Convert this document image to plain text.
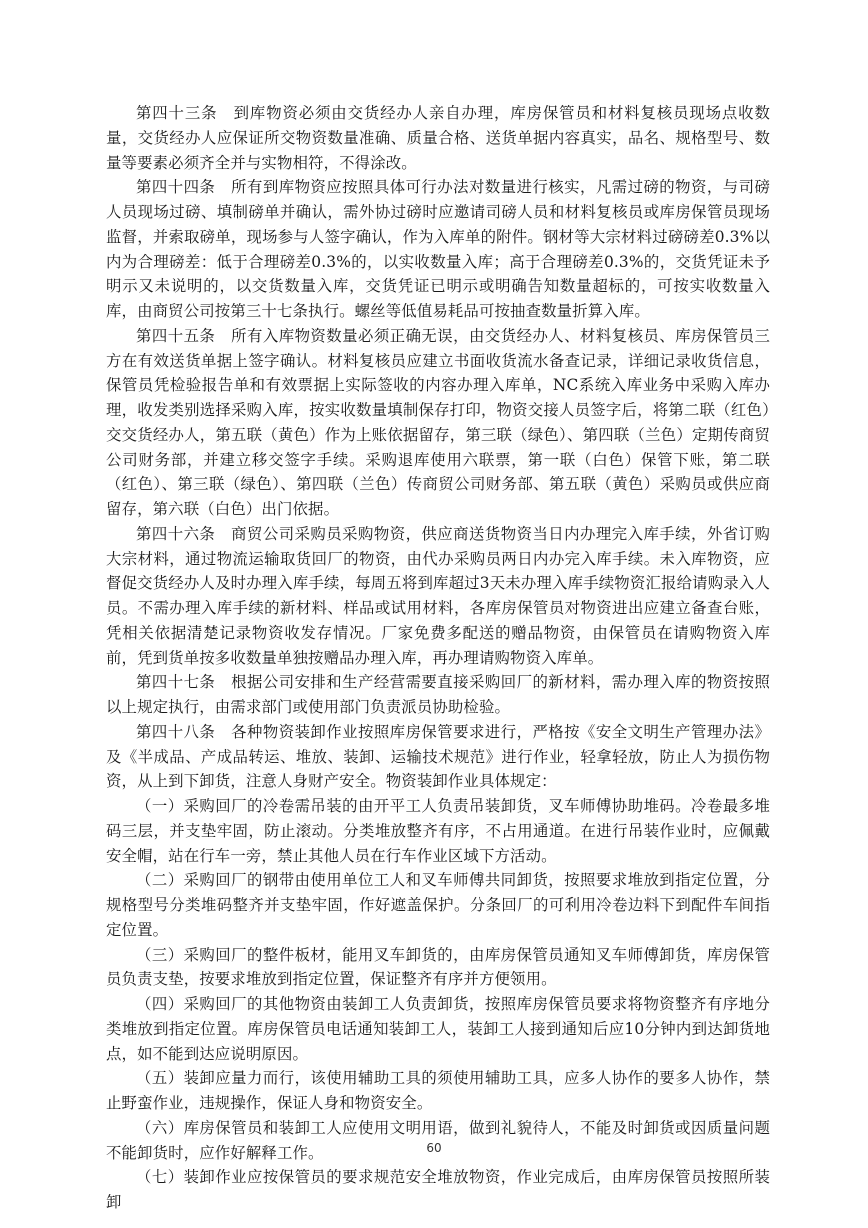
第四十三条　到库物资必须由交货经办人亲自办理，库房保管员和材料复核员现场点收数量，交货经办人应保证所交物资数量准确、质量合格、送货单据内容真实，品名、规格型号、数量等要素必须齐全并与实物相符，不得涂改。

第四十四条　所有到库物资应按照具体可行办法对数量进行核实，凡需过磅的物资，与司磅人员现场过磅、填制磅单并确认，需外协过磅时应邀请司磅人员和材料复核员或库房保管员现场监督，并索取磅单，现场参与人签字确认，作为入库单的附件。钢材等大宗材料过磅磅差0.3%以内为合理磅差：低于合理磅差0.3%的，以实收数量入库；高于合理磅差0.3%的，交货凭证未予明示又未说明的，以交货数量入库，交货凭证已明示或明确告知数量超标的，可按实收数量入库，由商贸公司按第三十七条执行。螺丝等低值易耗品可按抽查数量折算入库。

第四十五条　所有入库物资数量必须正确无误，由交货经办人、材料复核员、库房保管员三方在有效送货单据上签字确认。材料复核员应建立书面收货流水备查记录，详细记录收货信息，保管员凭检验报告单和有效票据上实际签收的内容办理入库单，NC系统入库业务中采购入库办理，收发类别选择采购入库，按实收数量填制保存打印，物资交接人员签字后，将第二联（红色）交交货经办人，第五联（黄色）作为上账依据留存，第三联（绿色）、第四联（兰色）定期传商贸公司财务部，并建立移交签字手续。采购退库使用六联票，第一联（白色）保管下账，第二联（红色）、第三联（绿色）、第四联（兰色）传商贸公司财务部、第五联（黄色）采购员或供应商留存，第六联（白色）出门依据。

第四十六条　商贸公司采购员采购物资，供应商送货物资当日内办理完入库手续，外省订购大宗材料，通过物流运输取货回厂的物资，由代办采购员两日内办完入库手续。未入库物资，应督促交货经办人及时办理入库手续，每周五将到库超过3天未办理入库手续物资汇报给请购录入人员。不需办理入库手续的新材料、样品或试用材料，各库房保管员对物资进出应建立备查台账，凭相关依据清楚记录物资收发存情况。厂家免费多配送的赠品物资，由保管员在请购物资入库前，凭到货单按多收数量单独按赠品办理入库，再办理请购物资入库单。

第四十七条　根据公司安排和生产经营需要直接采购回厂的新材料，需办理入库的物资按照以上规定执行，由需求部门或使用部门负责派员协助检验。

第四十八条　各种物资装卸作业按照库房保管要求进行，严格按《安全文明生产管理办法》及《半成品、产成品转运、堆放、装卸、运输技术规范》进行作业，轻拿轻放，防止人为损伤物资，从上到下卸货，注意人身财产安全。物资装卸作业具体规定：

（一）采购回厂的冷卷需吊装的由开平工人负责吊装卸货，叉车师傅协助堆码。冷卷最多堆码三层，并支垫牢固，防止滚动。分类堆放整齐有序，不占用通道。在进行吊装作业时，应佩戴安全帽，站在行车一旁，禁止其他人员在行车作业区域下方活动。

（二）采购回厂的钢带由使用单位工人和叉车师傅共同卸货，按照要求堆放到指定位置，分规格型号分类堆码整齐并支垫牢固，作好遮盖保护。分条回厂的可利用冷卷边料下到配件车间指定位置。

（三）采购回厂的整件板材，能用叉车卸货的，由库房保管员通知叉车师傅卸货，库房保管员负责支垫，按要求堆放到指定位置，保证整齐有序并方便领用。

（四）采购回厂的其他物资由装卸工人负责卸货，按照库房保管员要求将物资整齐有序地分类堆放到指定位置。库房保管员电话通知装卸工人，装卸工人接到通知后应10分钟内到达卸货地点，如不能到达应说明原因。

（五）装卸应量力而行，该使用辅助工具的须使用辅助工具，应多人协作的要多人协作，禁止野蛮作业，违规操作，保证人身和物资安全。

（六）库房保管员和装卸工人应使用文明用语，做到礼貌待人，不能及时卸货或因质量问题不能卸货时，应作好解释工作。

（七）装卸作业应按保管员的要求规范安全堆放物资，作业完成后，由库房保管员按照所装卸

60
